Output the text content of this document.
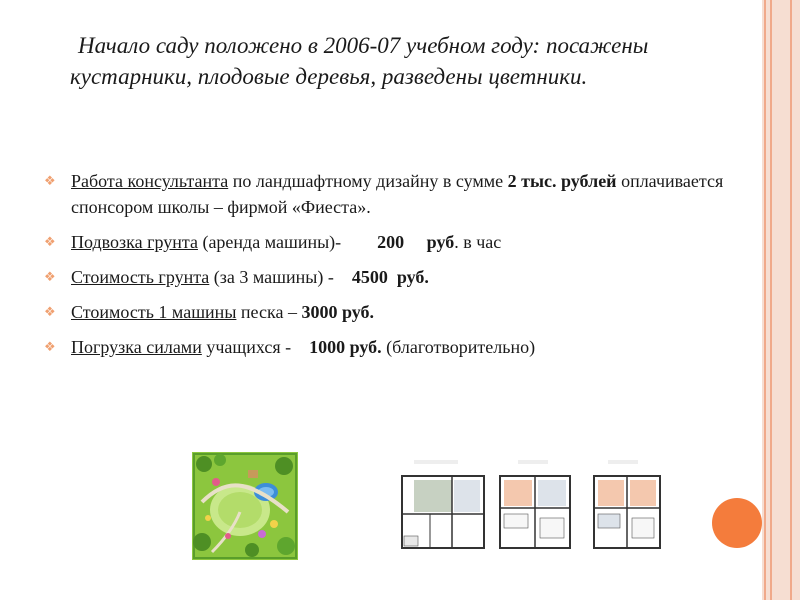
Начало саду положено в 2006-07 учебном году: посажены кустарники, плодовые деревья, разведены цветники.

❖ Работа консультанта по ландшафтному дизайну в сумме 2 тыс. рублей оплачивается спонсором школы – фирмой «Фиеста».
❖ Подвозка грунта (аренда машины)-        200     руб. в час
❖ Стоимость грунта (за 3 машины) -    4500  руб.
❖ Стоимость 1 машины песка – 3000 руб.
❖ Погрузка силами учащихся -    1000 руб. (благотворительно)
